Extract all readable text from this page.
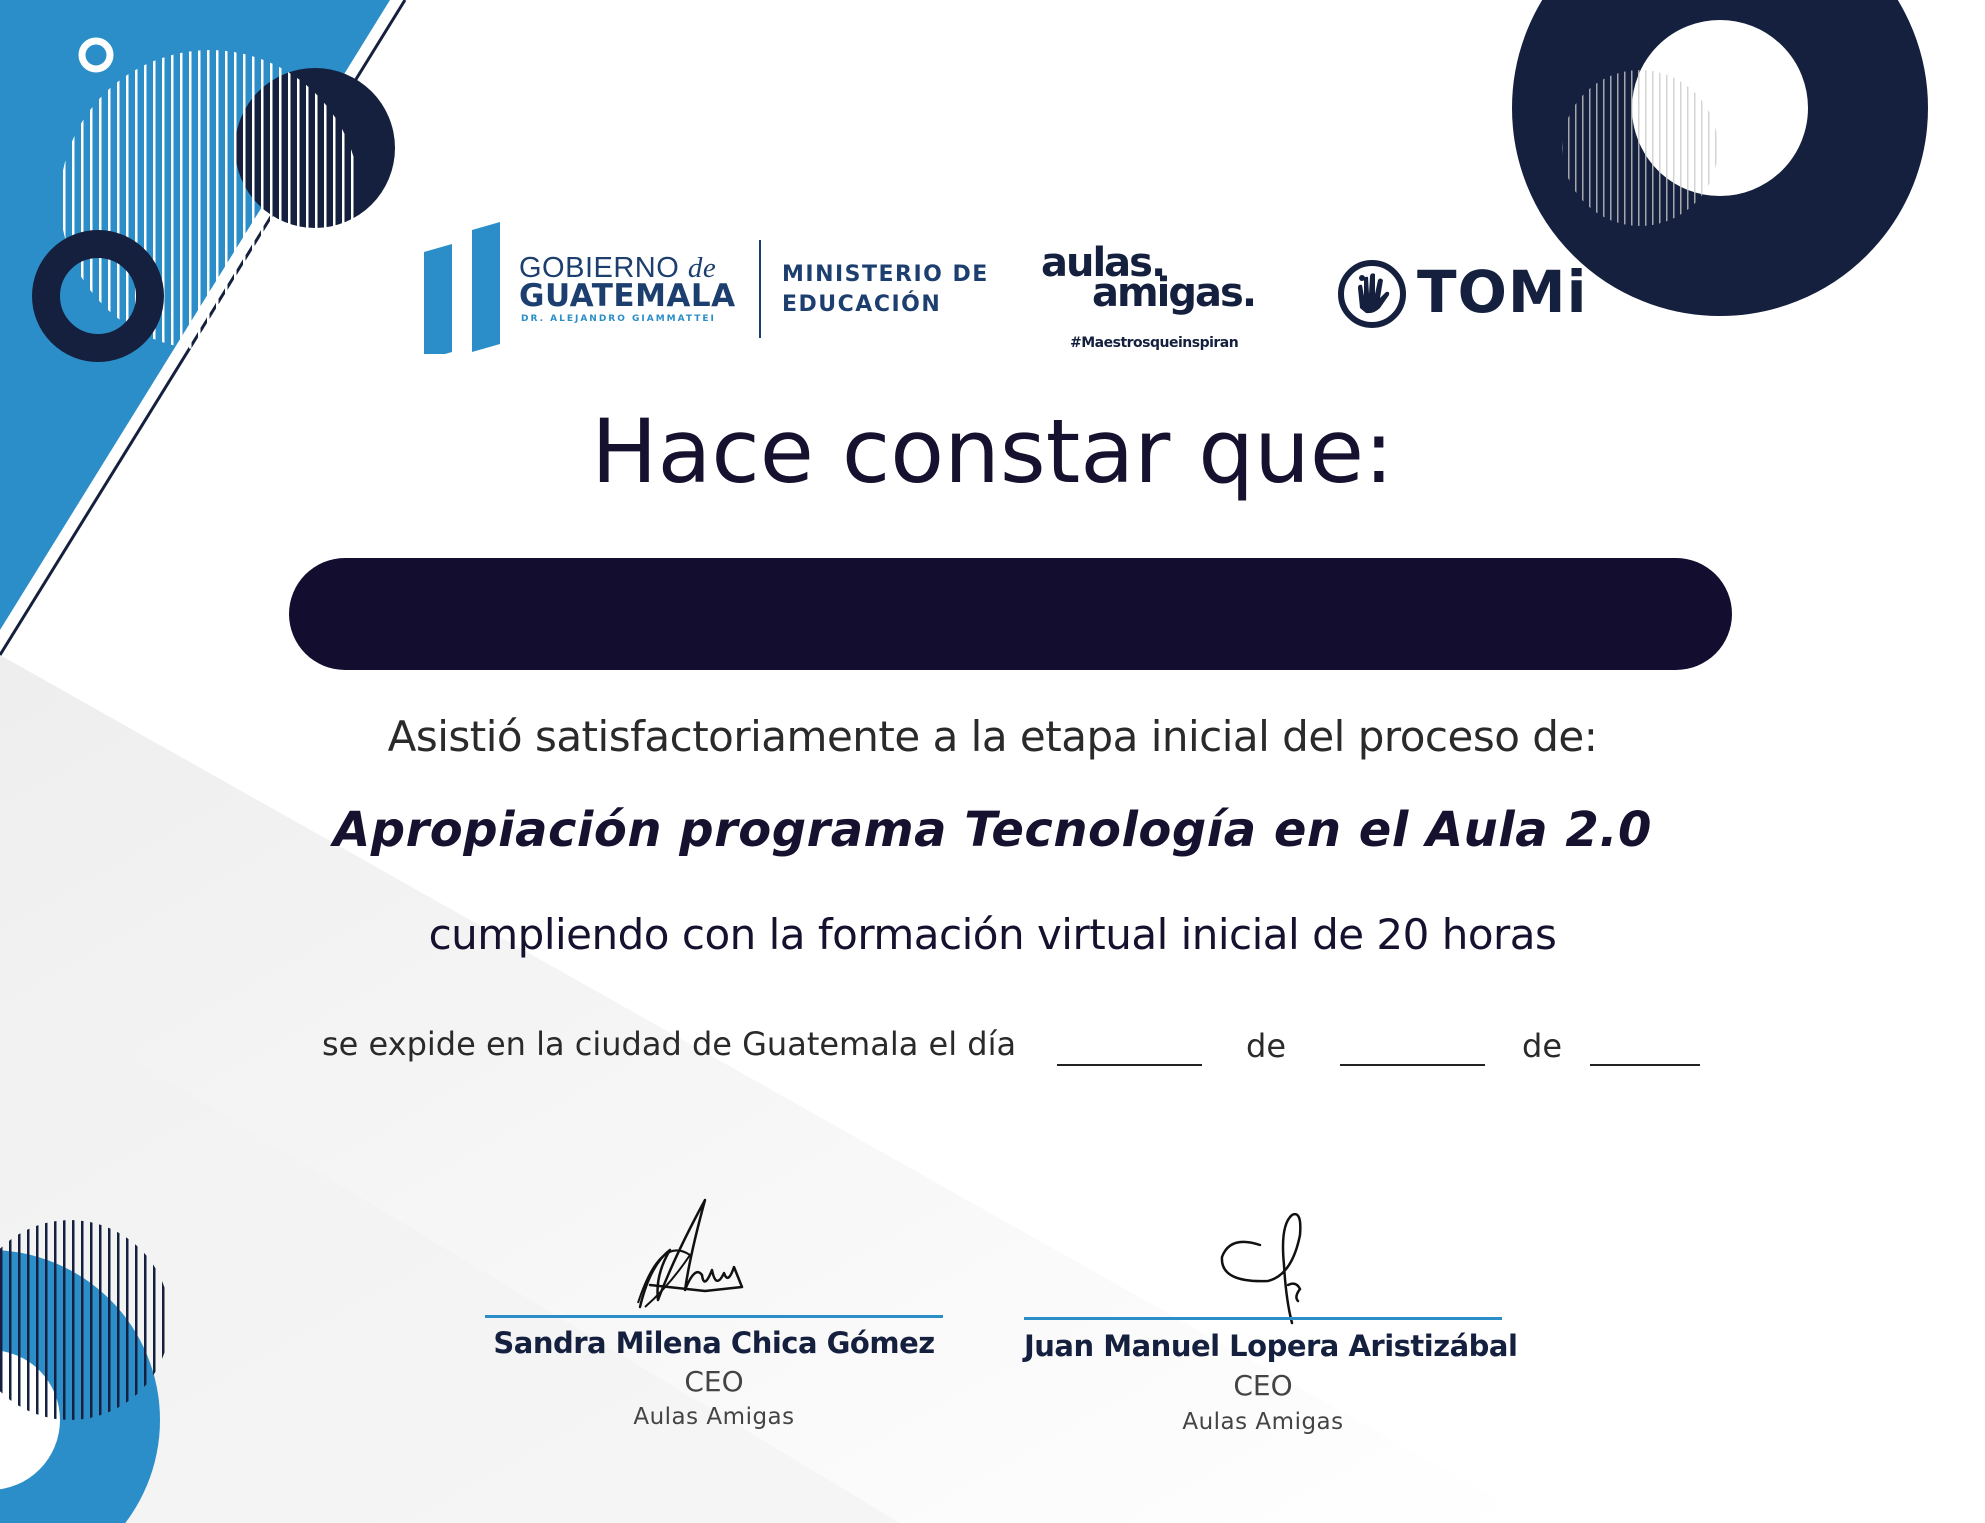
GOBIERNO de
GUATEMALA
DR. ALEJANDRO GIAMMATTEI
MINISTERIO DE
EDUCACIÓN
aulas.
amigas.
#Maestrosqueinspiran
TOMi
Hace constar que:
Asistió satisfactoriamente a la etapa inicial del proceso de:
Apropiación programa Tecnología en el Aula 2.0
cumpliendo con la formación virtual inicial de 20 horas
se expide en la ciudad de Guatemala el día	de	de
Sandra Milena Chica Gómez
CEO
Aulas Amigas
Juan Manuel Lopera Aristizábal
CEO
Aulas Amigas
